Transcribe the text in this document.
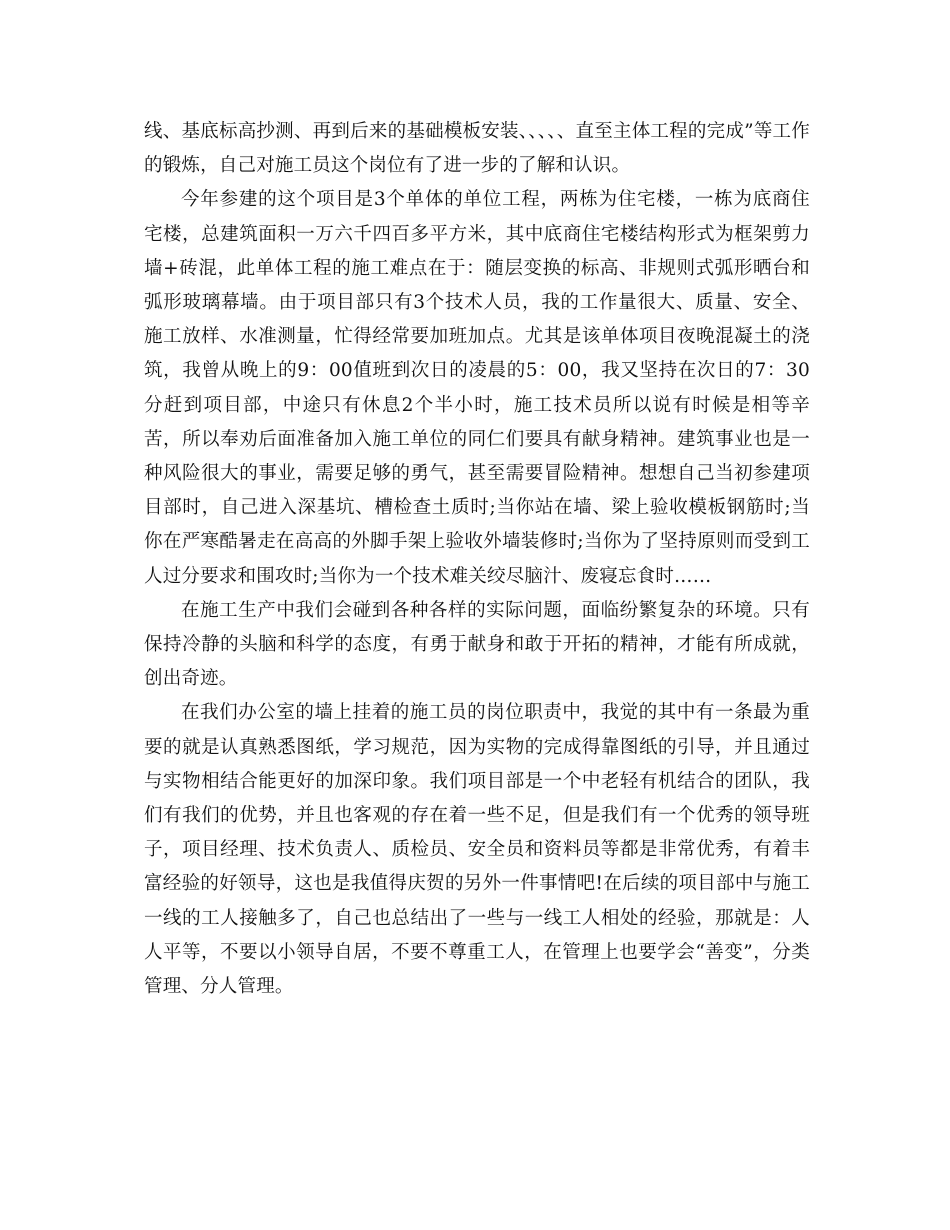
线、基底标高抄测、再到后来的基础模板安装、、、、、直至主体工程的完成”等工作的锻炼，自己对施工员这个岗位有了进一步的了解和认识。

今年参建的这个项目是3个单体的单位工程，两栋为住宅楼，一栋为底商住宅楼，总建筑面积一万六千四百多平方米，其中底商住宅楼结构形式为框架剪力墙+砖混，此单体工程的施工难点在于：随层变换的标高、非规则式弧形晒台和弧形玻璃幕墙。由于项目部只有3个技术人员，我的工作量很大、质量、安全、施工放样、水准测量，忙得经常要加班加点。尤其是该单体项目夜晚混凝土的浇筑，我曾从晚上的9：00值班到次日的凌晨的5：00，我又坚持在次日的7：30分赶到项目部，中途只有休息2个半小时，施工技术员所以说有时候是相等辛苦，所以奉劝后面准备加入施工单位的同仁们要具有献身精神。建筑事业也是一种风险很大的事业，需要足够的勇气，甚至需要冒险精神。想想自己当初参建项目部时，自己进入深基坑、槽检查土质时;当你站在墙、梁上验收模板钢筋时;当你在严寒酷暑走在高高的外脚手架上验收外墙装修时;当你为了坚持原则而受到工人过分要求和围攻时;当你为一个技术难关绞尽脑汁、废寝忘食时……

在施工生产中我们会碰到各种各样的实际问题，面临纷繁复杂的环境。只有保持冷静的头脑和科学的态度，有勇于献身和敢于开拓的精神，才能有所成就，创出奇迹。

在我们办公室的墙上挂着的施工员的岗位职责中，我觉的其中有一条最为重要的就是认真熟悉图纸，学习规范，因为实物的完成得靠图纸的引导，并且通过与实物相结合能更好的加深印象。我们项目部是一个中老轻有机结合的团队，我们有我们的优势，并且也客观的存在着一些不足，但是我们有一个优秀的领导班子，项目经理、技术负责人、质检员、安全员和资料员等都是非常优秀，有着丰富经验的好领导，这也是我值得庆贺的另外一件事情吧!在后续的项目部中与施工一线的工人接触多了，自己也总结出了一些与一线工人相处的经验，那就是：人人平等，不要以小领导自居，不要不尊重工人，在管理上也要学会“善变”，分类管理、分人管理。
